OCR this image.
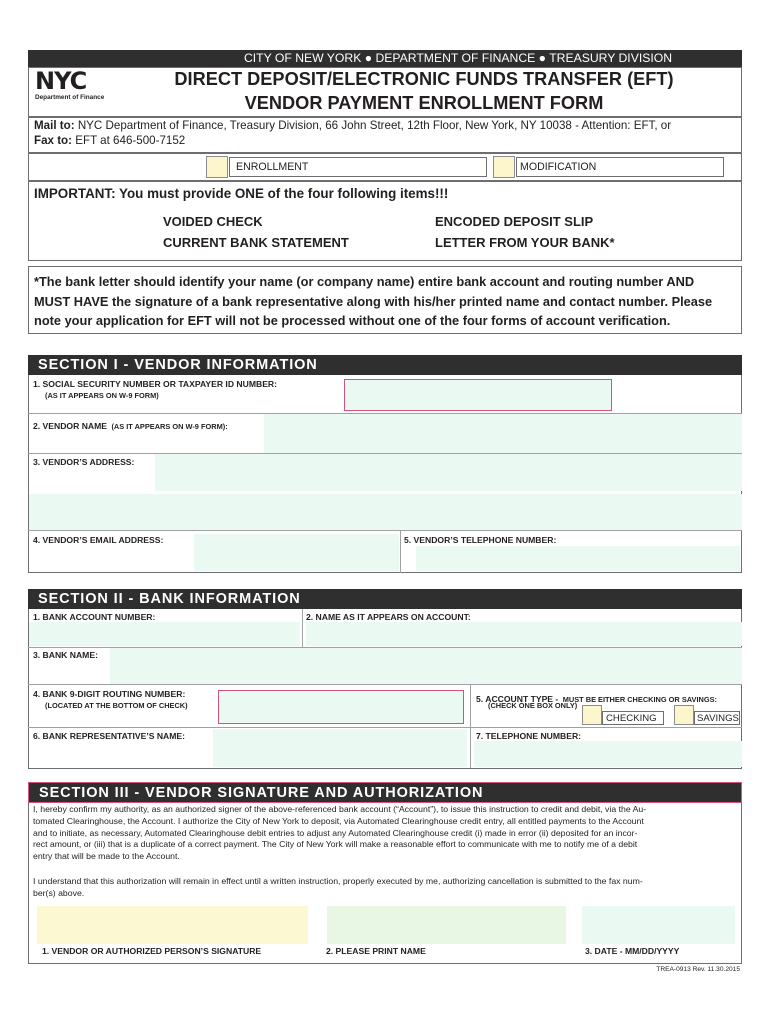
CITY OF NEW YORK ● DEPARTMENT OF FINANCE ● TREASURY DIVISION
NYC
Department of Finance
DIRECT DEPOSIT/ELECTRONIC FUNDS TRANSFER (EFT)
VENDOR PAYMENT ENROLLMENT FORM
Mail to: NYC Department of Finance, Treasury Division, 66 John Street, 12th Floor, New York, NY 10038 - Attention: EFT, or
Fax to: EFT at 646-500-7152
ENROLLMENT	MODIFICATION
IMPORTANT: You must provide ONE of the four following items!!!
VOIDED CHECK
CURRENT BANK STATEMENT
ENCODED DEPOSIT SLIP
LETTER FROM YOUR BANK*
*The bank letter should identify your name (or company name) entire bank account and routing number AND
MUST HAVE the signature of a bank representative along with his/her printed name and contact number. Please
note your application for EFT will not be processed without one of the four forms of account verification.
SECTION I - VENDOR INFORMATION
1. SOCIAL SECURITY NUMBER OR TAXPAYER ID NUMBER:
(AS IT APPEARS ON W-9 FORM)
2. VENDOR NAME (AS IT APPEARS ON W-9 FORM):
3. VENDOR’S ADDRESS:
4. VENDOR’S EMAIL ADDRESS:	5. VENDOR’S TELEPHONE NUMBER:
SECTION II - BANK INFORMATION
1. BANK ACCOUNT NUMBER:	2. NAME AS IT APPEARS ON ACCOUNT:
3. BANK NAME:
4. BANK 9-DIGIT ROUTING NUMBER:
(LOCATED AT THE BOTTOM OF CHECK)
5. ACCOUNT TYPE - MUST BE EITHER CHECKING OR SAVINGS:
(CHECK ONE BOX ONLY)
CHECKING	SAVINGS
6. BANK REPRESENTATIVE’S NAME:	7. TELEPHONE NUMBER:
SECTION III - VENDOR SIGNATURE AND AUTHORIZATION
I, hereby confirm my authority, as an authorized signer of the above-referenced bank account (“Account”), to issue this instruction to credit and debit, via the Au-
tomated Clearinghouse, the Account. I authorize the City of New York to deposit, via Automated Clearinghouse credit entry, all entitled payments to the Account
and to initiate, as necessary, Automated Clearinghouse debit entries to adjust any Automated Clearinghouse credit (i) made in error (ii) deposited for an incor-
rect amount, or (iii) that is a duplicate of a correct payment. The City of New York will make a reasonable effort to communicate with me to notify me of a debit
entry that will be made to the Account.
I understand that this authorization will remain in effect until a written instruction, properly executed by me, authorizing cancellation is submitted to the fax num-
ber(s) above.
1. VENDOR OR AUTHORIZED PERSON’S SIGNATURE	2. PLEASE PRINT NAME	3. DATE - MM/DD/YYYY
TREA-0913 Rev. 11.30.2015
